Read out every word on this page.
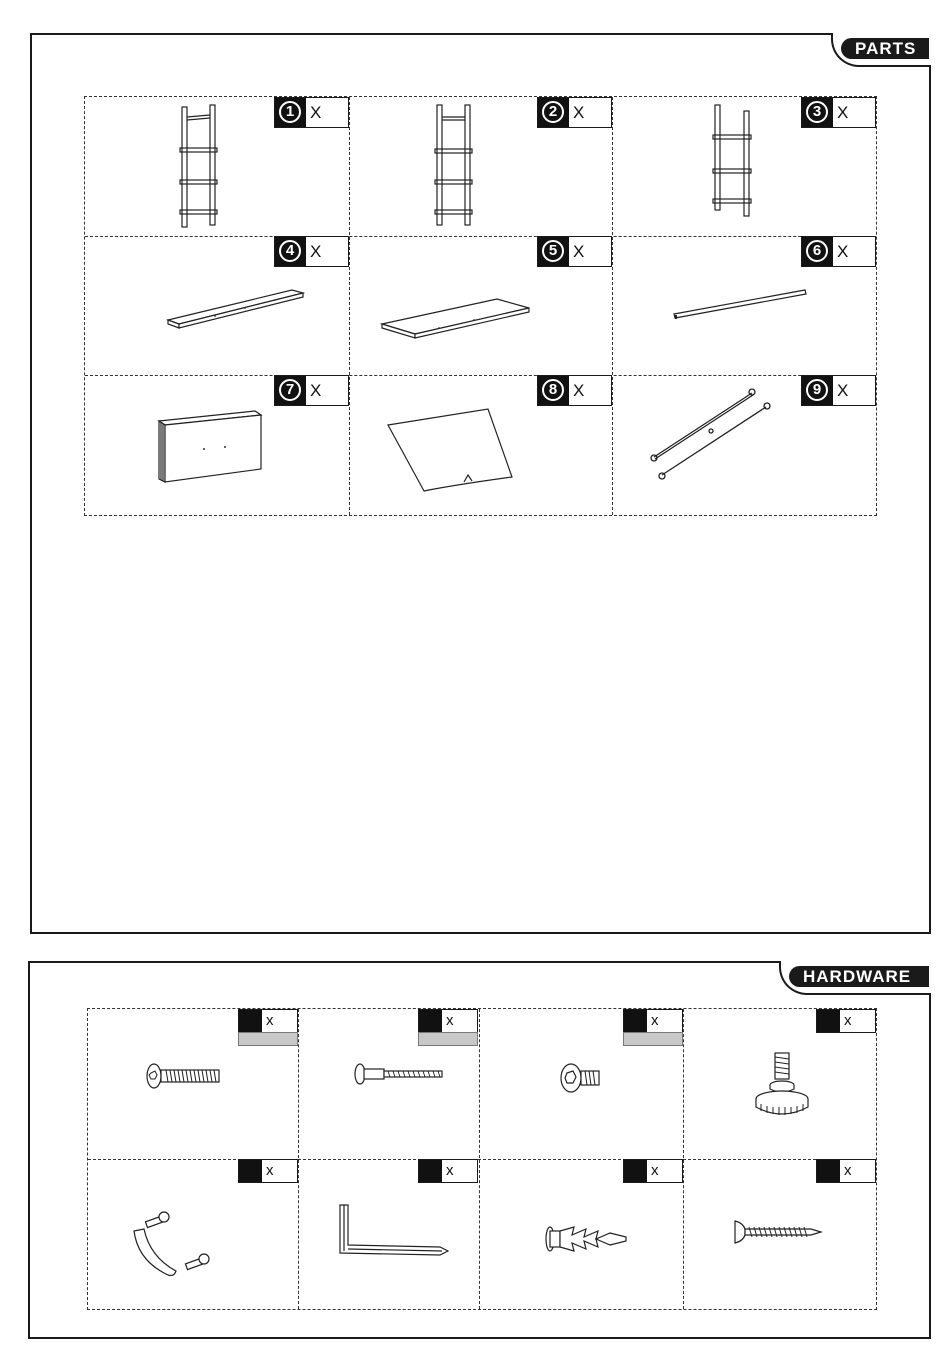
PARTS
1 X	2 X	3 X
4 X	5 X	6 X
7 X	8 X	9 X
HARDWARE
x	x	x	x
x	x	x	x
